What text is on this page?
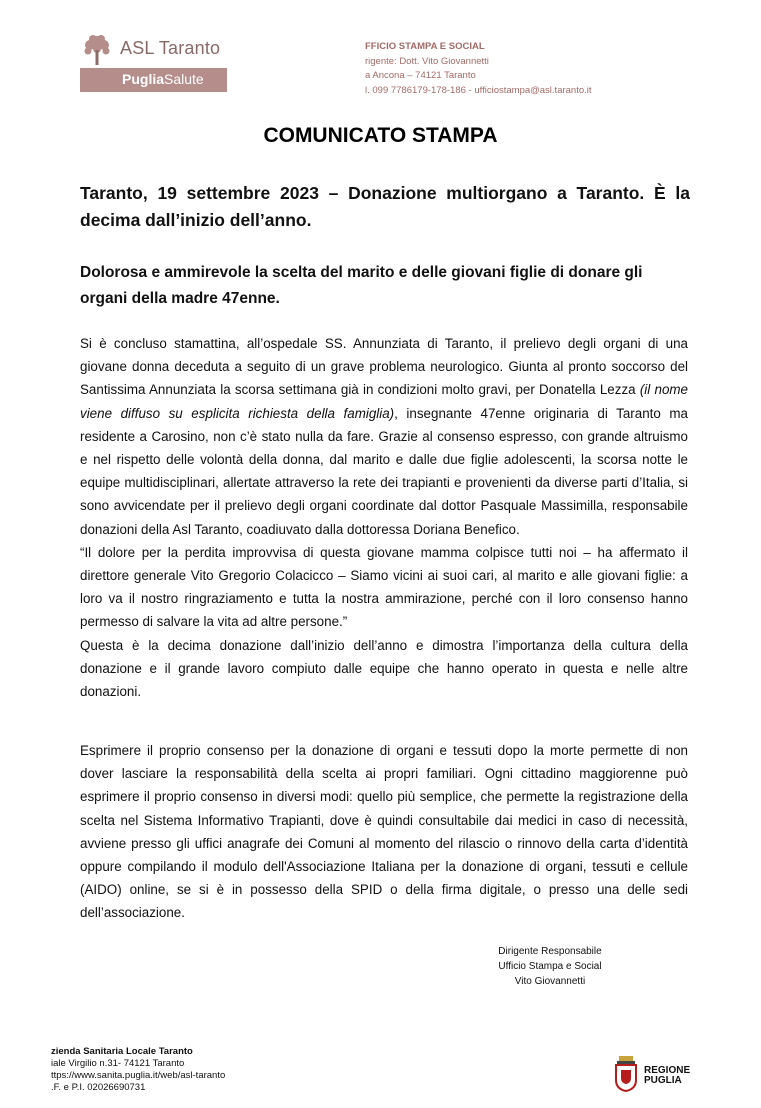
ASL Taranto
PugliaSalute
FFICIO STAMPA E SOCIAL
rigente: Dott. Vito Giovannetti
a Ancona – 74121 Taranto
l. 099 7786179-178-186 - ufficiostampa@asl.taranto.it
COMUNICATO STAMPA
Taranto, 19 settembre 2023 – Donazione multiorgano a Taranto. È la decima dall’inizio dell’anno.
Dolorosa e ammirevole la scelta del marito e delle giovani figlie di donare gli organi della madre 47enne.

Si è concluso stamattina, all’ospedale SS. Annunziata di Taranto, il prelievo degli organi di una giovane donna deceduta a seguito di un grave problema neurologico. Giunta al pronto soccorso del Santissima Annunziata la scorsa settimana già in condizioni molto gravi, per Donatella Lezza (il nome viene diffuso su esplicita richiesta della famiglia), insegnante 47enne originaria di Taranto ma residente a Carosino, non c’è stato nulla da fare. Grazie al consenso espresso, con grande altruismo e nel rispetto delle volontà della donna, dal marito e dalle due figlie adolescenti, la scorsa notte le equipe multidisciplinari, allertate attraverso la rete dei trapianti e provenienti da diverse parti d’Italia, si sono avvicendate per il prelievo degli organi coordinate dal dottor Pasquale Massimilla, responsabile donazioni della Asl Taranto, coadiuvato dalla dottoressa Doriana Benefico.

“Il dolore per la perdita improvvisa di questa giovane mamma colpisce tutti noi – ha affermato il direttore generale Vito Gregorio Colacicco – Siamo vicini ai suoi cari, al marito e alle giovani figlie: a loro va il nostro ringraziamento e tutta la nostra ammirazione, perché con il loro consenso hanno permesso di salvare la vita ad altre persone.”

Questa è la decima donazione dall’inizio dell’anno e dimostra l’importanza della cultura della donazione e il grande lavoro compiuto dalle equipe che hanno operato in questa e nelle altre donazioni.

Esprimere il proprio consenso per la donazione di organi e tessuti dopo la morte permette di non dover lasciare la responsabilità della scelta ai propri familiari. Ogni cittadino maggiorenne può esprimere il proprio consenso in diversi modi: quello più semplice, che permette la registrazione della scelta nel Sistema Informativo Trapianti, dove è quindi consultabile dai medici in caso di necessità, avviene presso gli uffici anagrafe dei Comuni al momento del rilascio o rinnovo della carta d’identità oppure compilando il modulo dell'Associazione Italiana per la donazione di organi, tessuti e cellule (AIDO) online, se si è in possesso della SPID o della firma digitale, o presso una delle sedi dell’associazione.

Dirigente Responsabile
Ufficio Stampa e Social
Vito Giovannetti
zienda Sanitaria Locale Taranto
iale Virgilio n.31- 74121 Taranto
ttps://www.sanita.puglia.it/web/asl-taranto
.F. e P.I. 02026690731
REGIONE
PUGLIA
